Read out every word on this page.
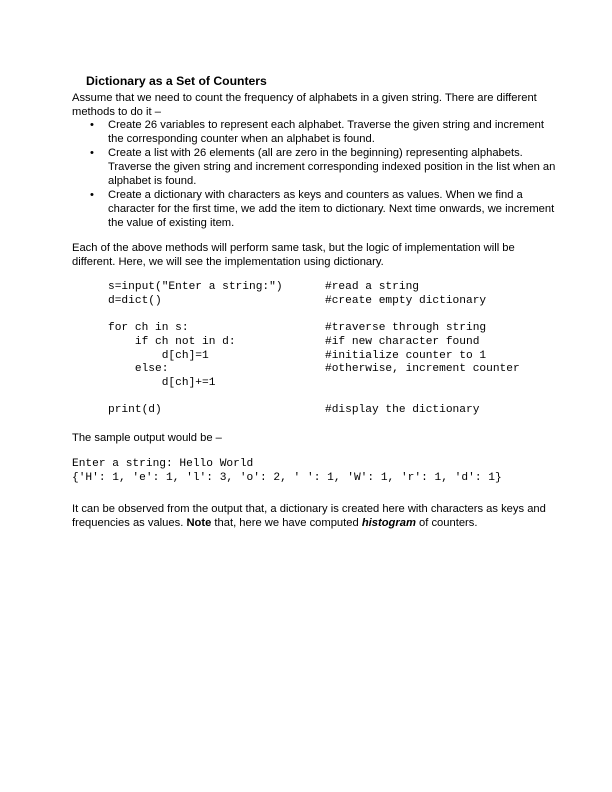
Dictionary as a Set of Counters
Assume that we need to count the frequency of alphabets in a given string. There are different methods to do it –
• Create 26 variables to represent each alphabet. Traverse the given string and increment the corresponding counter when an alphabet is found.
• Create a list with 26 elements (all are zero in the beginning) representing alphabets. Traverse the given string and increment corresponding indexed position in the list when an alphabet is found.
• Create a dictionary with characters as keys and counters as values. When we find a character for the first time, we add the item to dictionary. Next time onwards, we increment the value of existing item.
Each of the above methods will perform same task, but the logic of implementation will be different. Here, we will see the implementation using dictionary.
s=input("Enter a string:")	#read a string
d=dict()	#create empty dictionary
for ch in s:	#traverse through string
if ch not in d:	#if new character found
d[ch]=1	#initialize counter to 1
else:	#otherwise, increment counter
d[ch]+=1
print(d)	#display the dictionary
The sample output would be –
Enter a string: Hello World
{'H': 1, 'e': 1, 'l': 3, 'o': 2, ' ': 1, 'W': 1, 'r': 1, 'd': 1}
It can be observed from the output that, a dictionary is created here with characters as keys and frequencies as values. Note that, here we have computed histogram of counters.
